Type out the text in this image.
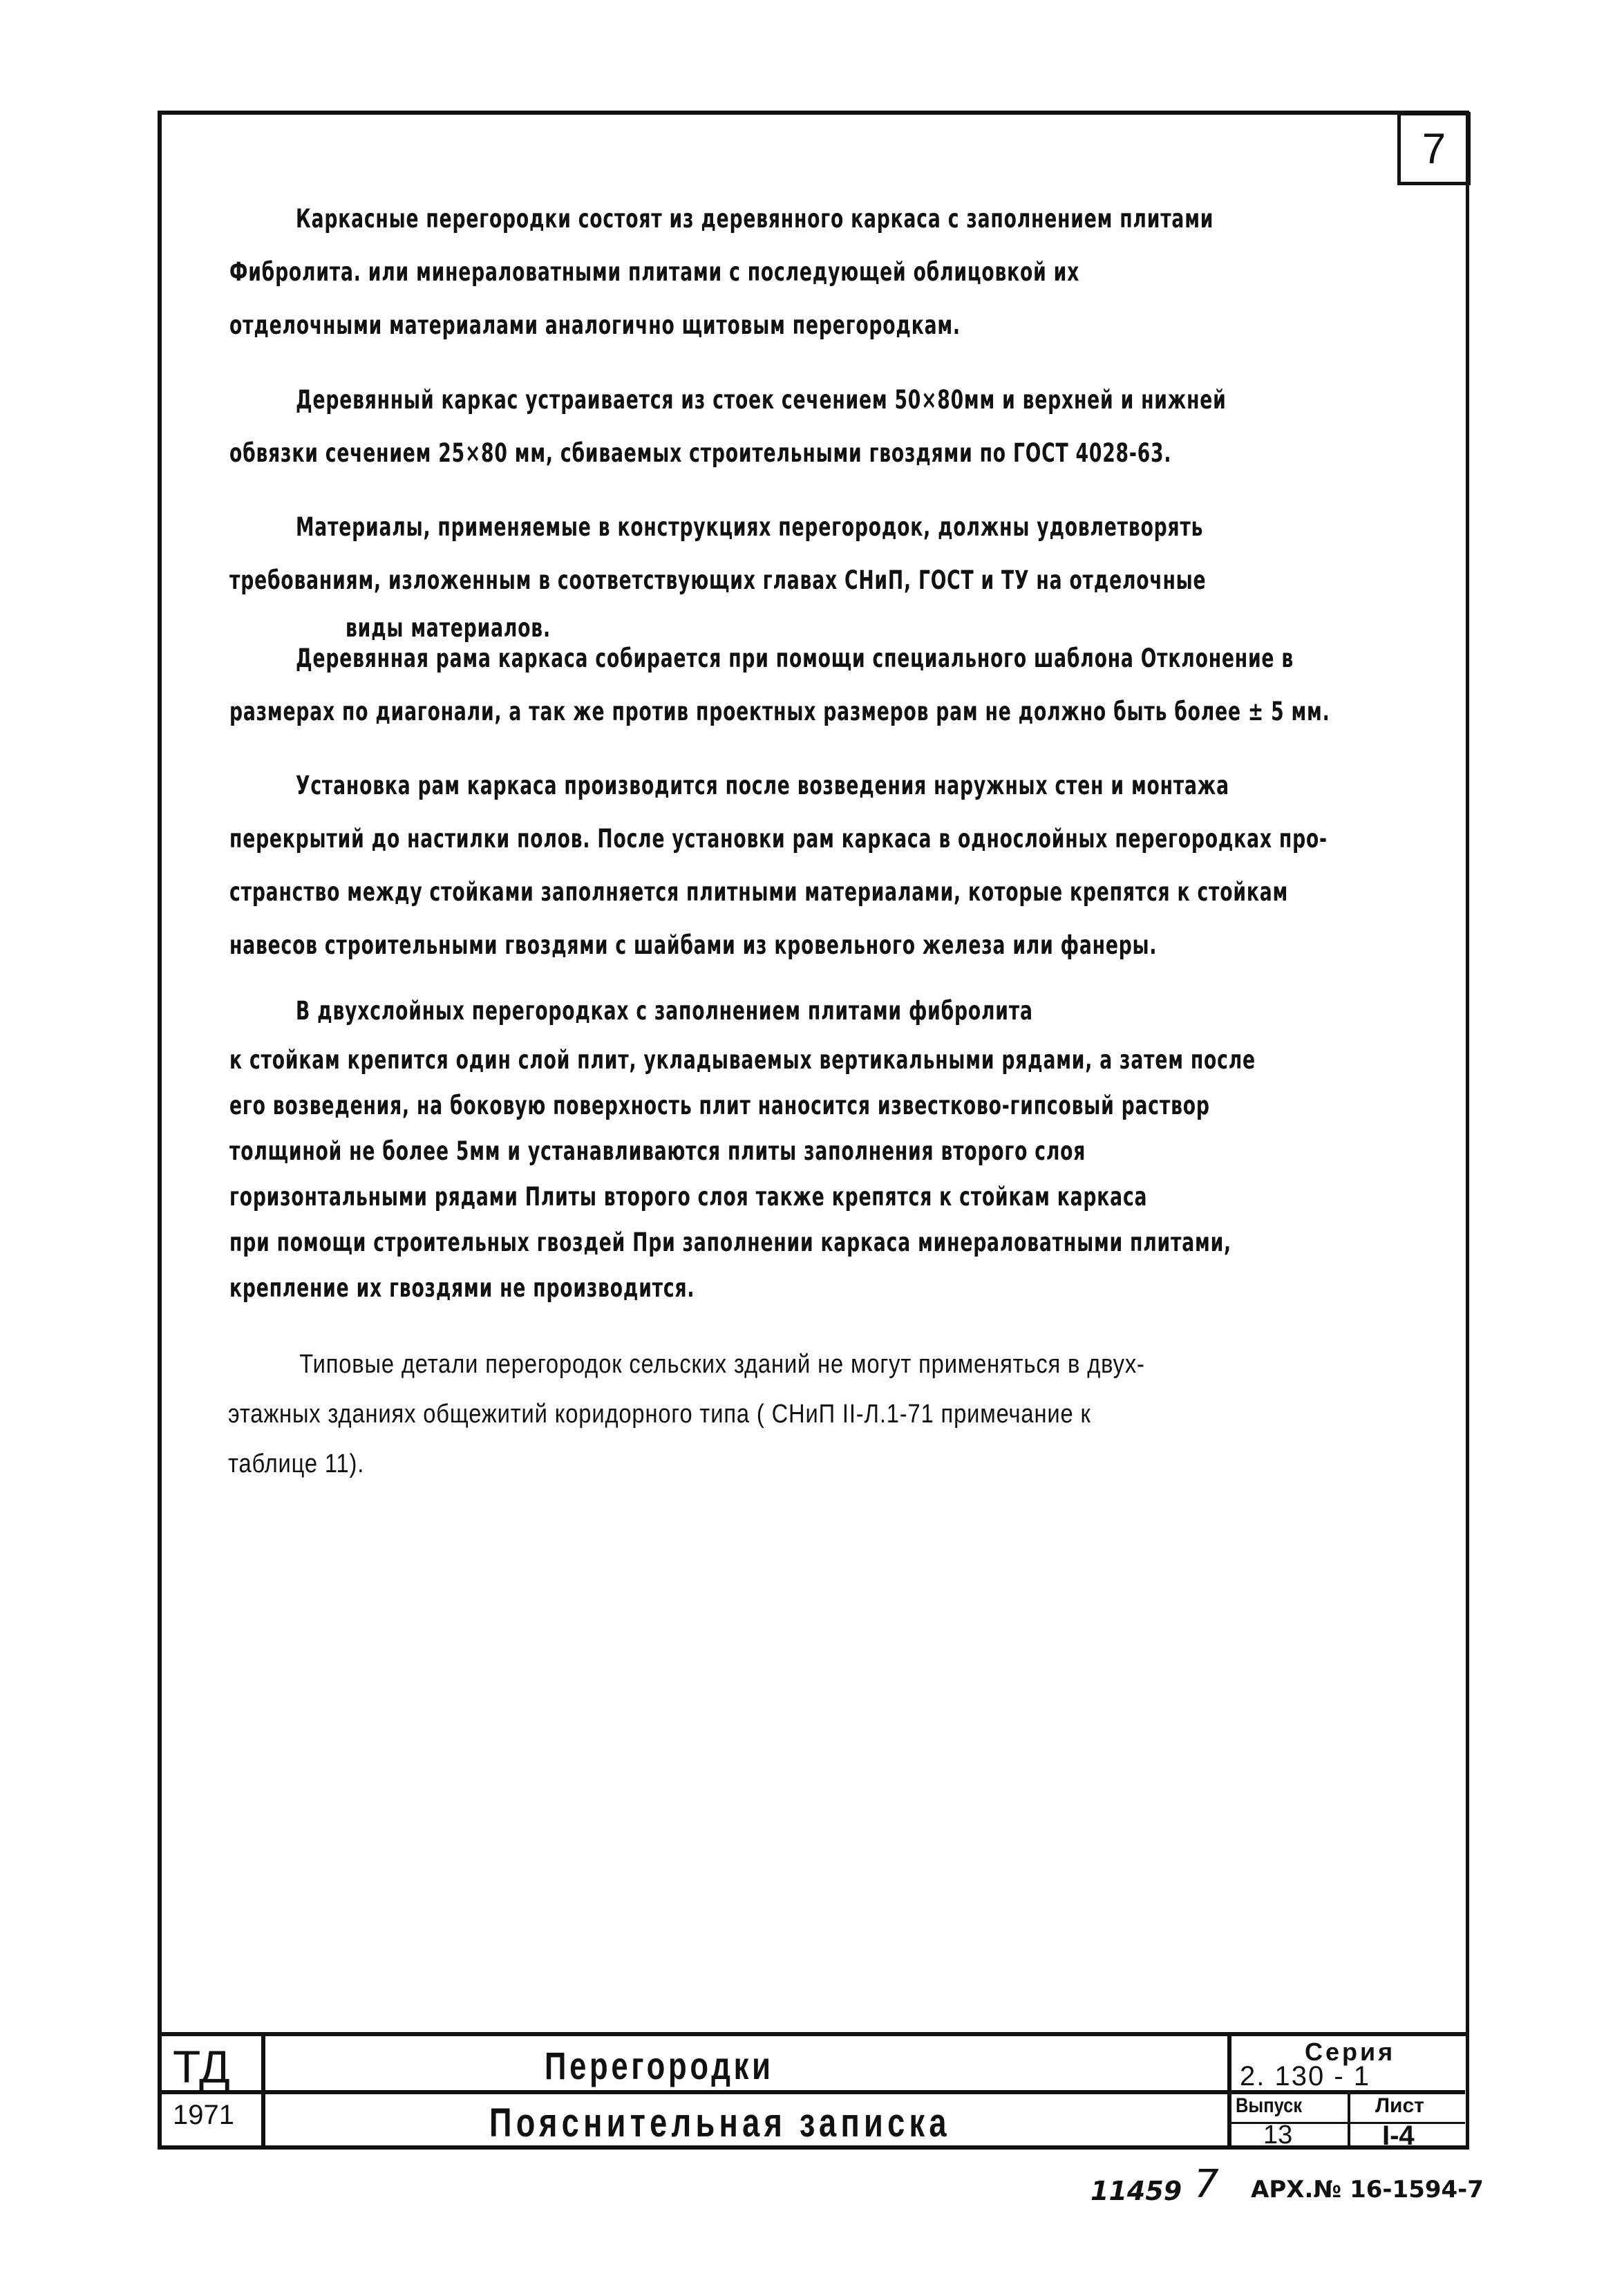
7
Каркасные перегородки состоят из деревянного каркаса с заполнением плитами
Фибролита. или минераловатными плитами с последующей облицовкой их
отделочными материалами аналогично щитовым перегородкам.
Деревянный каркас устраивается из стоек сечением 50×80мм и верхней и нижней
обвязки сечением 25×80 мм, сбиваемых строительными гвоздями по ГОСТ 4028-63.
Материалы, применяемые в конструкциях перегородок, должны удовлетворять
требованиям, изложенным в соответствующих главах СНиП, ГОСТ и ТУ на отделочные
виды материалов.
Деревянная рама каркаса собирается при помощи специального шаблона Отклонение в
размерах по диагонали, а так же против проектных размеров рам не должно быть более ± 5 мм.
Установка рам каркаса производится после возведения наружных стен и монтажа
перекрытий до настилки полов. После установки рам каркаса в однослойных перегородках про-
странство между стойками заполняется плитными материалами, которые крепятся к стойкам
навесов строительными гвоздями с шайбами из кровельного железа или фанеры.
В двухслойных перегородках с заполнением плитами фибролита
к стойкам крепится один слой плит, укладываемых вертикальными рядами, а затем после
его возведения, на боковую поверхность плит наносится известково-гипсовый раствор
толщиной не более 5мм и устанавливаются плиты заполнения второго слоя
горизонтальными рядами Плиты второго слоя также крепятся к стойкам каркаса
при помощи строительных гвоздей При заполнении каркаса минераловатными плитами,
крепление их гвоздями не производится.
Типовые детали перегородок сельских зданий не могут применяться в двух-
этажных зданиях общежитий коридорного типа ( СНиП II-Л.1-71 примечание к
таблице 11).
ТД
1971
Перегородки
Пояснительная записка
Серия
2. 130 - 1
Выпуск
13
Лист
I-4
11459 7 АРХ.№ 16-1594-7
